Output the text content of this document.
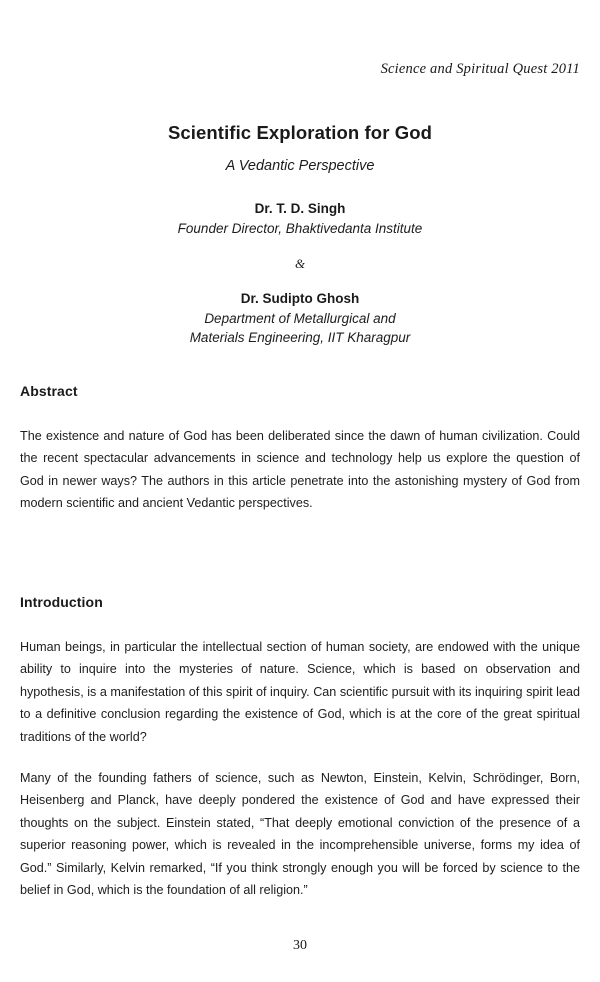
Science and Spiritual Quest 2011
Scientific Exploration for God
A Vedantic Perspective
Dr. T. D. Singh
Founder Director, Bhaktivedanta Institute
&
Dr. Sudipto Ghosh
Department of Metallurgical and
Materials Engineering, IIT Kharagpur
Abstract

The existence and nature of God has been deliberated since the dawn of human civilization. Could the recent spectacular advancements in science and technology help us explore the question of God in newer ways? The authors in this article penetrate into the astonishing mystery of God from modern scientific and ancient Vedantic perspectives.

Introduction

Human beings, in particular the intellectual section of human society, are endowed with the unique ability to inquire into the mysteries of nature. Science, which is based on observation and hypothesis, is a manifestation of this spirit of inquiry. Can scientific pursuit with its inquiring spirit lead to a definitive conclusion regarding the existence of God, which is at the core of the great spiritual traditions of the world?

Many of the founding fathers of science, such as Newton, Einstein, Kelvin, Schrödinger, Born, Heisenberg and Planck, have deeply pondered the existence of God and have expressed their thoughts on the subject. Einstein stated, “That deeply emotional conviction of the presence of a superior reasoning power, which is revealed in the incomprehensible universe, forms my idea of God.” Similarly, Kelvin remarked, “If you think strongly enough you will be forced by science to the belief in God, which is the foundation of all religion.”

30
